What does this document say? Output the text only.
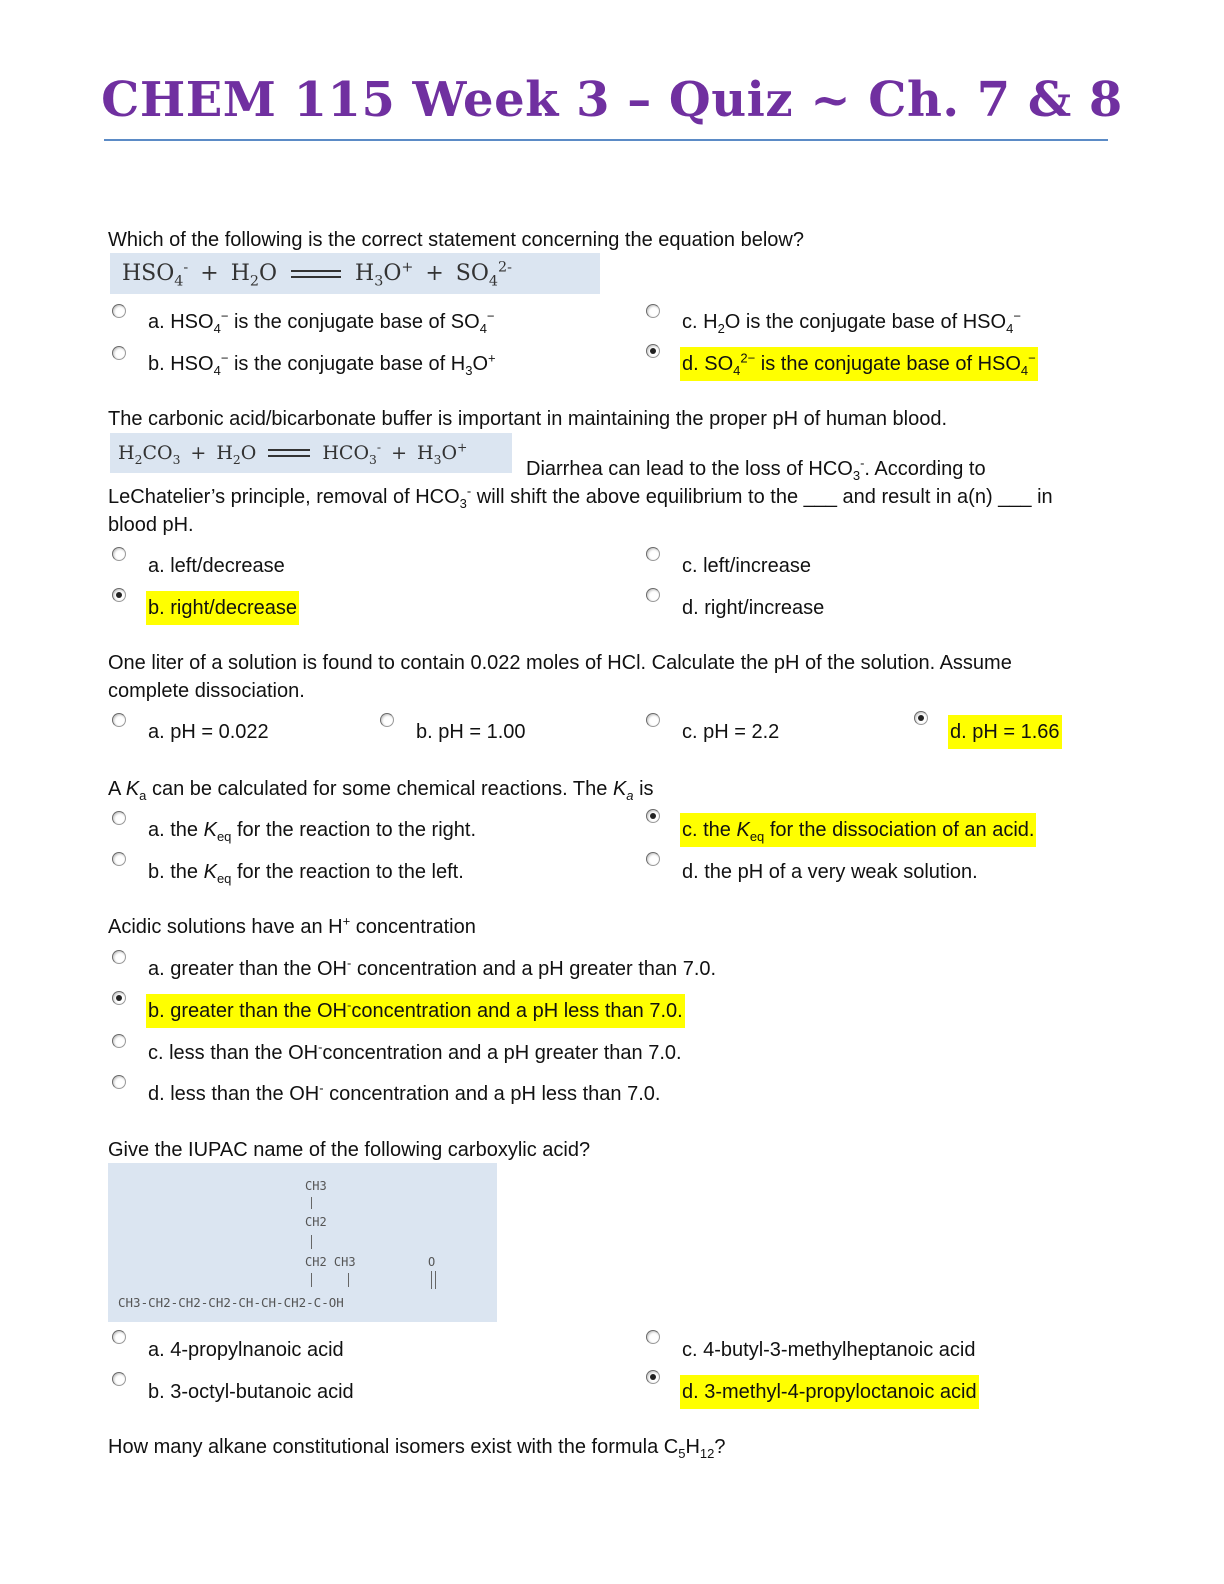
CHEM 115 Week 3 – Quiz ~ Ch. 7 & 8
Which of the following is the correct statement concerning the equation below?
$HSO_4^- + H_2O$	$H_3O^+ + SO_4^{2-}$
a. $HSO_4^-$ is the conjugate base of $SO_4^-$
b. $HSO_4^-$ is the conjugate base of $H_3O^+$
c. $H_2O$ is the conjugate base of $HSO_4^-$
d. $SO_4^{2-}$ is the conjugate base of $HSO_4^-$
The carbonic acid/bicarbonate buffer is important in maintaining the proper pH of human blood.
$H_2CO_3 + H_2O$	$HCO_3^- + H_3O^+$
Diarrhea can lead to the loss of $HCO_3^-$. According to
LeChatelier’s principle, removal of $HCO_3^-$ will shift the above equilibrium to the ___ and result in a(n) ___ in
blood pH.
a. left/decrease
b. right/decrease
c. left/increase
d. right/increase
One liter of a solution is found to contain 0.022 moles of HCl. Calculate the pH of the solution. Assume
complete dissociation.
a. pH = 0.022	b. pH = 1.00	c. pH = 2.2	d. pH = 1.66
A $K_a$ can be calculated for some chemical reactions. The $K_a$ is
a. the $K_{eq}$ for the reaction to the right.
b. the $K_{eq}$ for the reaction to the left.
c. the $K_{eq}$ for the dissociation of an acid.
d. the pH of a very weak solution.
Acidic solutions have an H+ concentration
a. greater than the OH- concentration and a pH greater than 7.0.
b. greater than the OH-concentration and a pH less than 7.0.
c. less than the OH-concentration and a pH greater than 7.0.
d. less than the OH- concentration and a pH less than 7.0.
Give the IUPAC name of the following carboxylic acid?
CH3
CH2
CH2 CH3	O
CH3-CH2-CH2-CH2-CH-CH-CH2-C-OH
a. 4-propylnanoic acid
b. 3-octyl-butanoic acid
c. 4-butyl-3-methylheptanoic acid
d. 3-methyl-4-propyloctanoic acid
How many alkane constitutional isomers exist with the formula $C_5H_{12}$?
